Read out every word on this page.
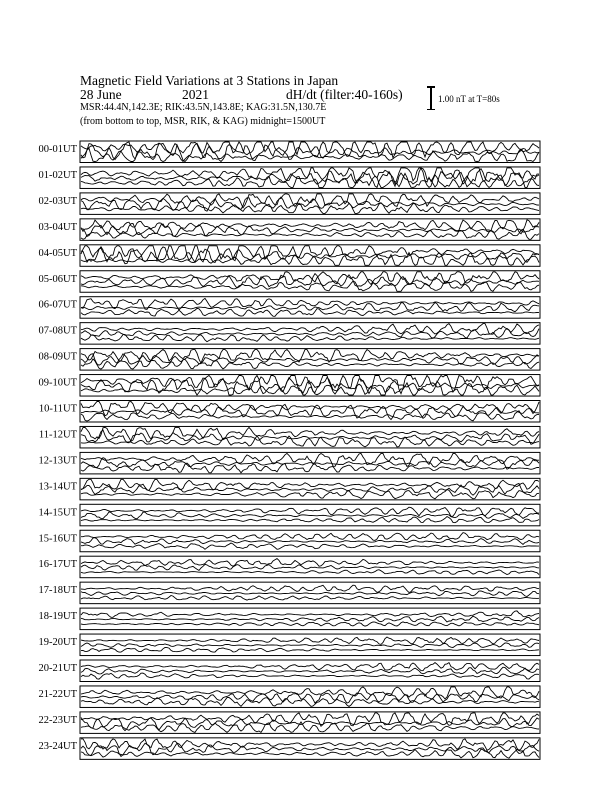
Magnetic Field Variations at 3 Stations in Japan
28 June	2021	dH/dt (filter:40-160s)
MSR:44.4N,142.3E; RIK:43.5N,143.8E; KAG:31.5N,130.7E
(from bottom to top, MSR, RIK, & KAG) midnight=1500UT
1.00 nT at T=80s
00-01UT
01-02UT
02-03UT
03-04UT
04-05UT
05-06UT
06-07UT
07-08UT
08-09UT
09-10UT
10-11UT
11-12UT
12-13UT
13-14UT
14-15UT
15-16UT
16-17UT
17-18UT
18-19UT
19-20UT
20-21UT
21-22UT
22-23UT
23-24UT
